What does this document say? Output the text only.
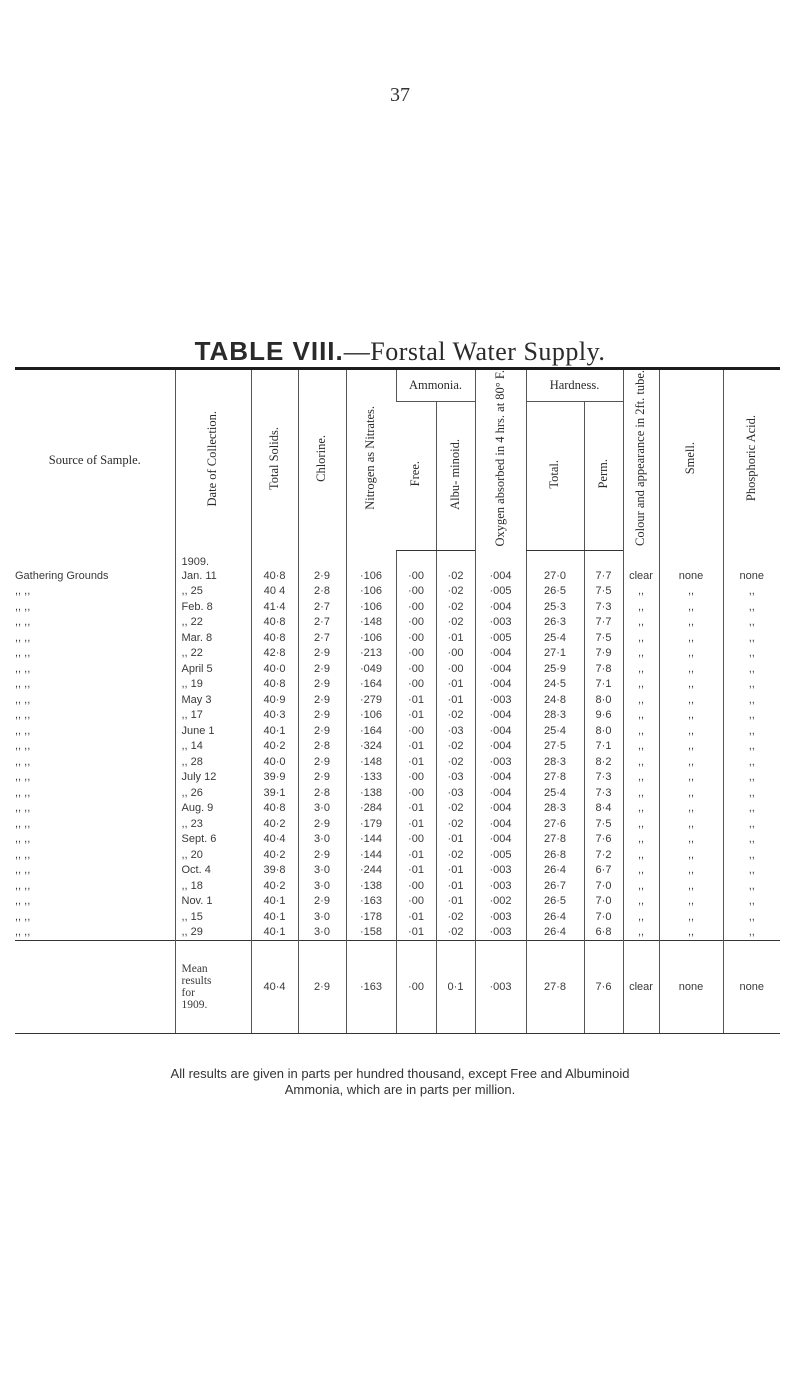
37
TABLE VIII.—Forstal Water Supply.
Source of Sample.	Date of Collection.	Total Solids.	Chlorine.	Nitrogen as Nitrates.	Ammonia.		Oxygen absorbed in 4 hrs. at 80° F.	Hardness.		Colour and appearance in 2ft. tube.	Smell.	Phosphoric Acid.
					Free.	Albu- minoid.		Total.	Perm.			
	1909.											
Gathering Grounds	Jan. 11	40·8	2·9	·106	·00	·02	·004	27·0	7·7	clear	none	none
,, ,,	,, 25	40 4	2·8	·106	·00	·02	·005	26·5	7·5	,,	,,	,,
,, ,,	Feb. 8	41·4	2·7	·106	·00	·02	·004	25·3	7·3	,,	,,	,,
,, ,,	,, 22	40·8	2·7	·148	·00	·02	·003	26·3	7·7	,,	,,	,,
,, ,,	Mar. 8	40·8	2·7	·106	·00	·01	·005	25·4	7·5	,,	,,	,,
,, ,,	,, 22	42·8	2·9	·213	·00	·00	·004	27·1	7·9	,,	,,	,,
,, ,,	April 5	40·0	2·9	·049	·00	·00	·004	25·9	7·8	,,	,,	,,
,, ,,	,, 19	40·8	2·9	·164	·00	·01	·004	24·5	7·1	,,	,,	,,
,, ,,	May 3	40·9	2·9	·279	·01	·01	·003	24·8	8·0	,,	,,	,,
,, ,,	,, 17	40·3	2·9	·106	·01	·02	·004	28·3	9·6	,,	,,	,,
,, ,,	June 1	40·1	2·9	·164	·00	·03	·004	25·4	8·0	,,	,,	,,
,, ,,	,, 14	40·2	2·8	·324	·01	·02	·004	27·5	7·1	,,	,,	,,
,, ,,	,, 28	40·0	2·9	·148	·01	·02	·003	28·3	8·2	,,	,,	,,
,, ,,	July 12	39·9	2·9	·133	·00	·03	·004	27·8	7·3	,,	,,	,,
,, ,,	,, 26	39·1	2·8	·138	·00	·03	·004	25·4	7·3	,,	,,	,,
,, ,,	Aug. 9	40·8	3·0	·284	·01	·02	·004	28·3	8·4	,,	,,	,,
,, ,,	,, 23	40·2	2·9	·179	·01	·02	·004	27·6	7·5	,,	,,	,,
,, ,,	Sept. 6	40·4	3·0	·144	·00	·01	·004	27·8	7·6	,,	,,	,,
,, ,,	,, 20	40·2	2·9	·144	·01	·02	·005	26·8	7·2	,,	,,	,,
,, ,,	Oct. 4	39·8	3·0	·244	·01	·01	·003	26·4	6·7	,,	,,	,,
,, ,,	,, 18	40·2	3·0	·138	·00	·01	·003	26·7	7·0	,,	,,	,,
,, ,,	Nov. 1	40·1	2·9	·163	·00	·01	·002	26·5	7·0	,,	,,	,,
,, ,,	,, 15	40·1	3·0	·178	·01	·02	·003	26·4	7·0	,,	,,	,,
,, ,,	,, 29	40·1	3·0	·158	·01	·02	·003	26·4	6·8	,,	,,	,,

	Mean
results
for
1909.	40·4	2·9	·163	·00	0·1	·003	27·8	7·6	clear	none	none
All results are given in parts per hundred thousand, except Free and Albuminoid
Ammonia, which are in parts per million.
